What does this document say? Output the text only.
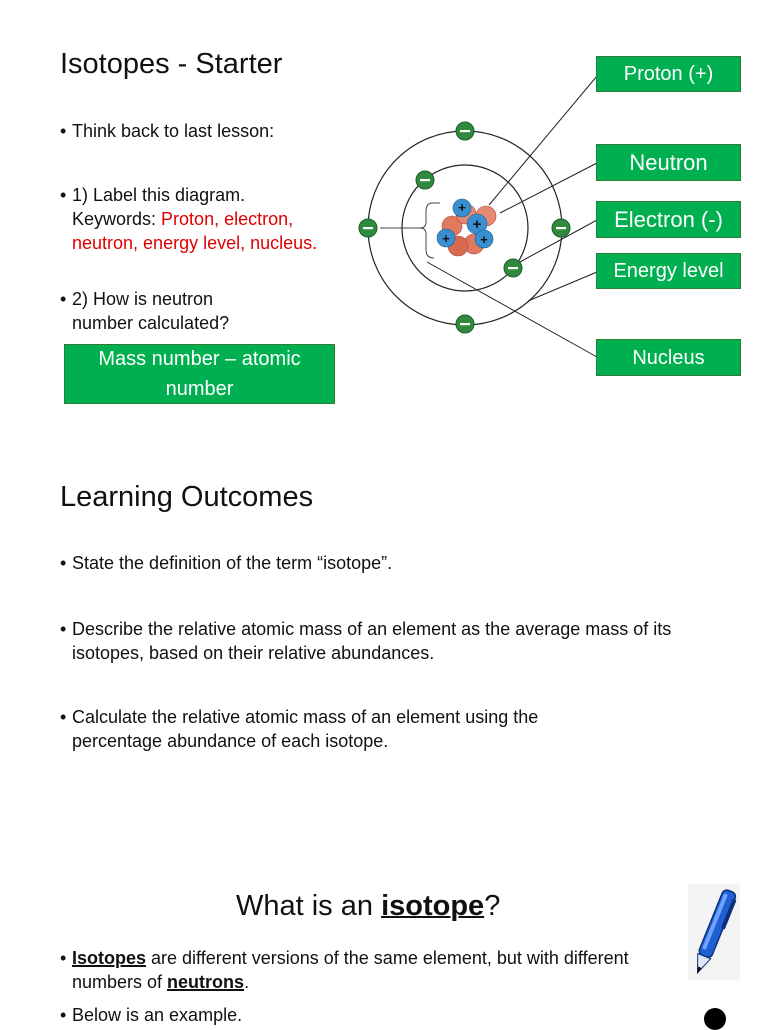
Isotopes - Starter
• Think back to last lesson:
• 1) Label this diagram.
Keywords: Proton, electron, neutron, energy level, nucleus.
• 2) How is neutron number calculated?
Mass number – atomic number
+
+
+ +
Proton (+)
Neutron
Electron (-)
Energy level
Nucleus
Learning Outcomes
• State the definition of the term “isotope”.
• Describe the relative atomic mass of an element as the average mass of its isotopes, based on their relative abundances.
• Calculate the relative atomic mass of an element using the percentage abundance of each isotope.
What is an isotope?
• Isotopes are different versions of the same element, but with different numbers of neutrons.
• Below is an example.
